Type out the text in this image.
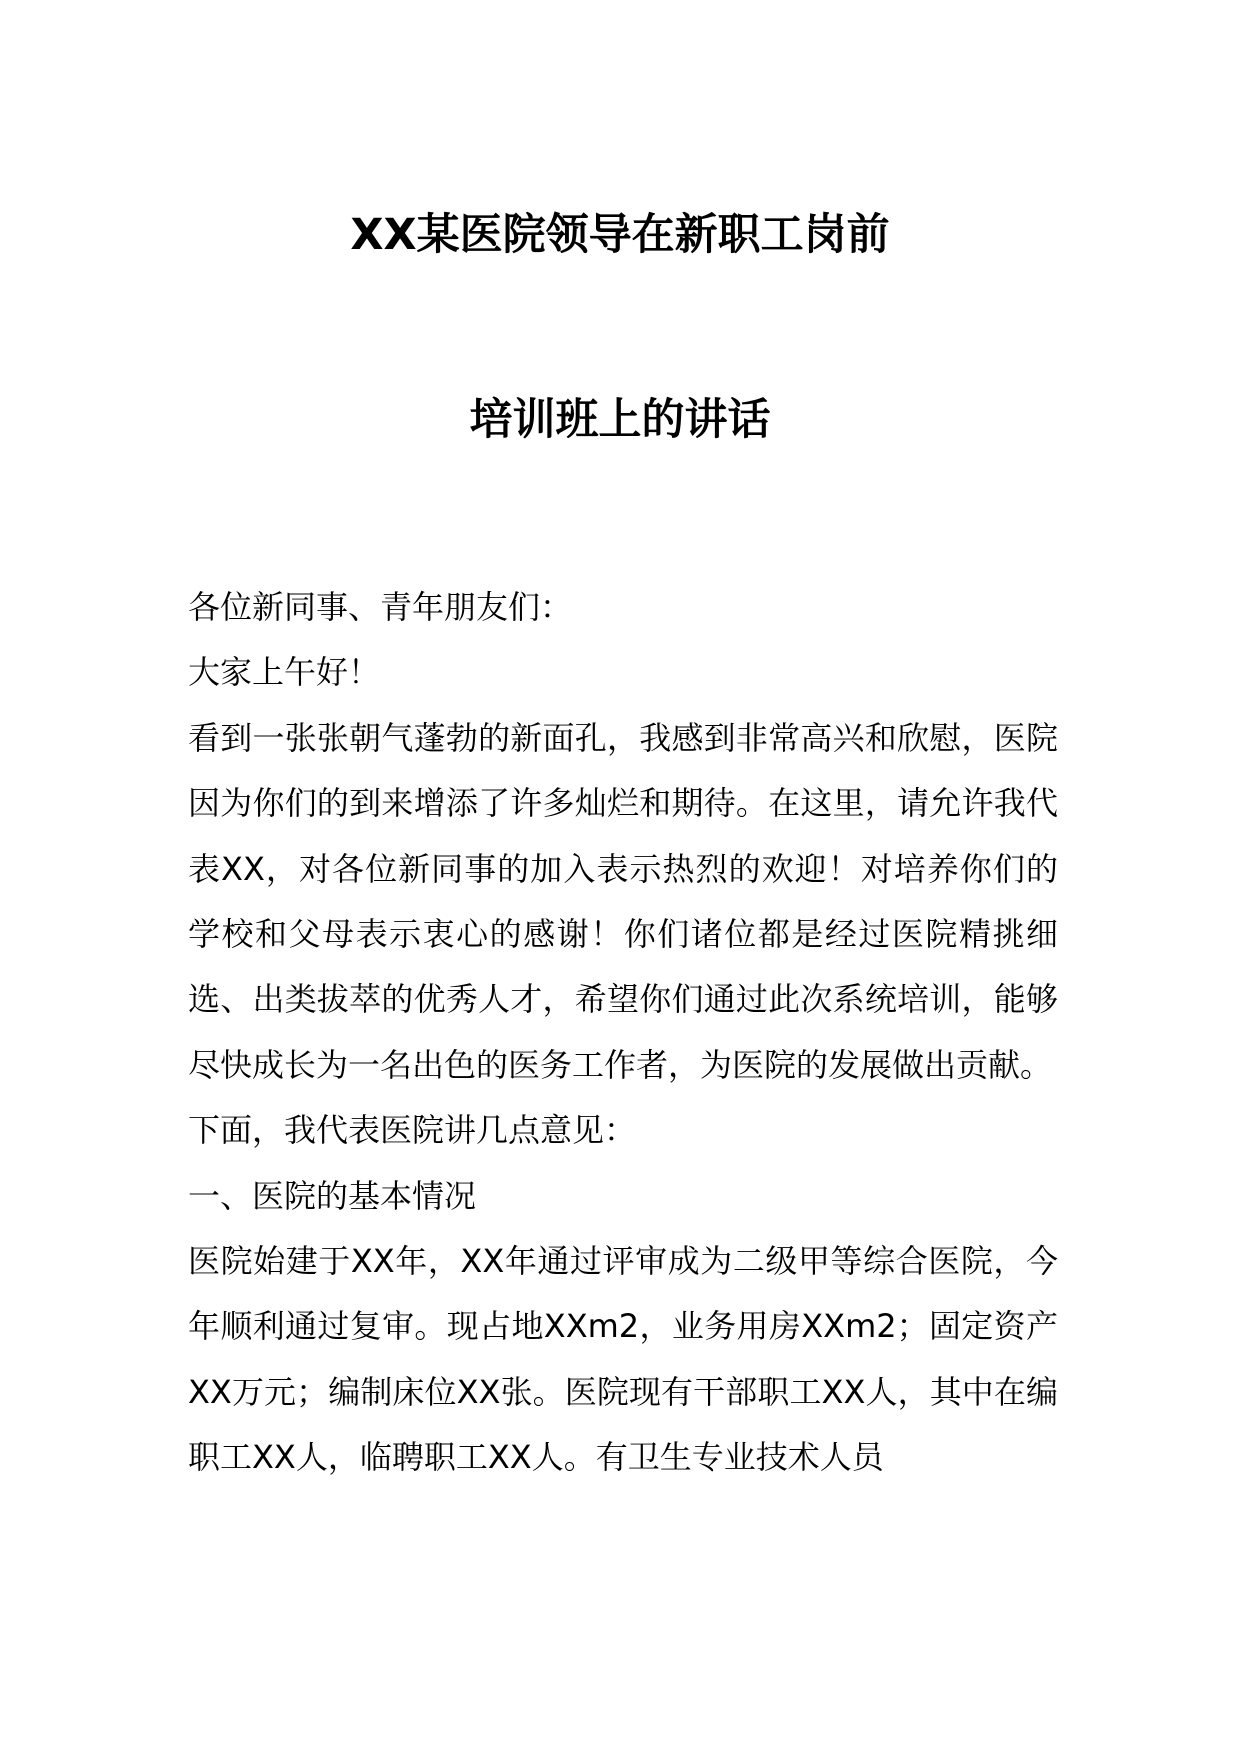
XX某医院领导在新职工岗前
培训班上的讲话

各位新同事、青年朋友们：

大家上午好！

看到一张张朝气蓬勃的新面孔，我感到非常高兴和欣慰，医院因为你们的到来增添了许多灿烂和期待。在这里，请允许我代表XX，对各位新同事的加入表示热烈的欢迎！对培养你们的学校和父母表示衷心的感谢！你们诸位都是经过医院精挑细选、出类拔萃的优秀人才，希望你们通过此次系统培训，能够尽快成长为一名出色的医务工作者，为医院的发展做出贡献。

下面，我代表医院讲几点意见：

一、医院的基本情况

医院始建于XX年，XX年通过评审成为二级甲等综合医院，今年顺利通过复审。现占地XXm2，业务用房XXm2；固定资产XX万元；编制床位XX张。医院现有干部职工XX人，其中在编职工XX人，临聘职工XX人。有卫生专业技术人员
